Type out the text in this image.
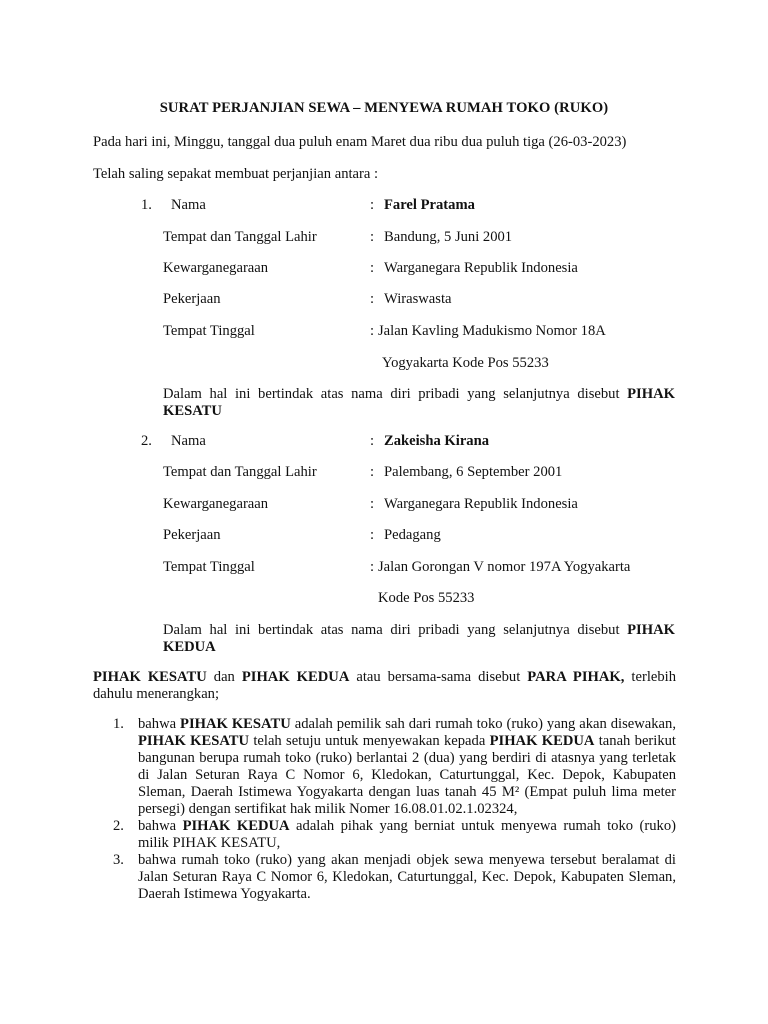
SURAT PERJANJIAN SEWA – MENYEWA RUMAH TOKO (RUKO)
Pada hari ini, Minggu, tanggal dua puluh enam Maret dua ribu dua puluh tiga (26-03-2023)
Telah saling sepakat membuat perjanjian antara :
1. Nama	: Farel Pratama
Tempat dan Tanggal Lahir	: Bandung, 5 Juni 2001
Kewarganegaraan	: Warganegara Republik Indonesia
Pekerjaan	: Wiraswasta
Tempat Tinggal	: Jalan Kavling Madukismo Nomor 18A
Yogyakarta Kode Pos 55233
Dalam hal ini bertindak atas nama diri pribadi yang selanjutnya disebut PIHAK KESATU
2. Nama	: Zakeisha Kirana
Tempat dan Tanggal Lahir	: Palembang, 6 September 2001
Kewarganegaraan	: Warganegara Republik Indonesia
Pekerjaan	: Pedagang
Tempat Tinggal	: Jalan Gorongan V nomor 197A Yogyakarta
Kode Pos 55233
Dalam hal ini bertindak atas nama diri pribadi yang selanjutnya disebut PIHAK KEDUA
PIHAK KESATU dan PIHAK KEDUA atau bersama-sama disebut PARA PIHAK, terlebih dahulu menerangkan;
1. bahwa PIHAK KESATU adalah pemilik sah dari rumah toko (ruko) yang akan disewakan, PIHAK KESATU telah setuju untuk menyewakan kepada PIHAK KEDUA tanah berikut bangunan berupa rumah toko (ruko) berlantai 2 (dua) yang berdiri di atasnya yang terletak di Jalan Seturan Raya C Nomor 6, Kledokan, Caturtunggal, Kec. Depok, Kabupaten Sleman, Daerah Istimewa Yogyakarta dengan luas tanah 45 M² (Empat puluh lima meter persegi) dengan sertifikat hak milik Nomer 16.08.01.02.1.02324,
2. bahwa PIHAK KEDUA adalah pihak yang berniat untuk menyewa rumah toko (ruko) milik PIHAK KESATU,
3. bahwa rumah toko (ruko) yang akan menjadi objek sewa menyewa tersebut beralamat di Jalan Seturan Raya C Nomor 6, Kledokan, Caturtunggal, Kec. Depok, Kabupaten Sleman, Daerah Istimewa Yogyakarta.
